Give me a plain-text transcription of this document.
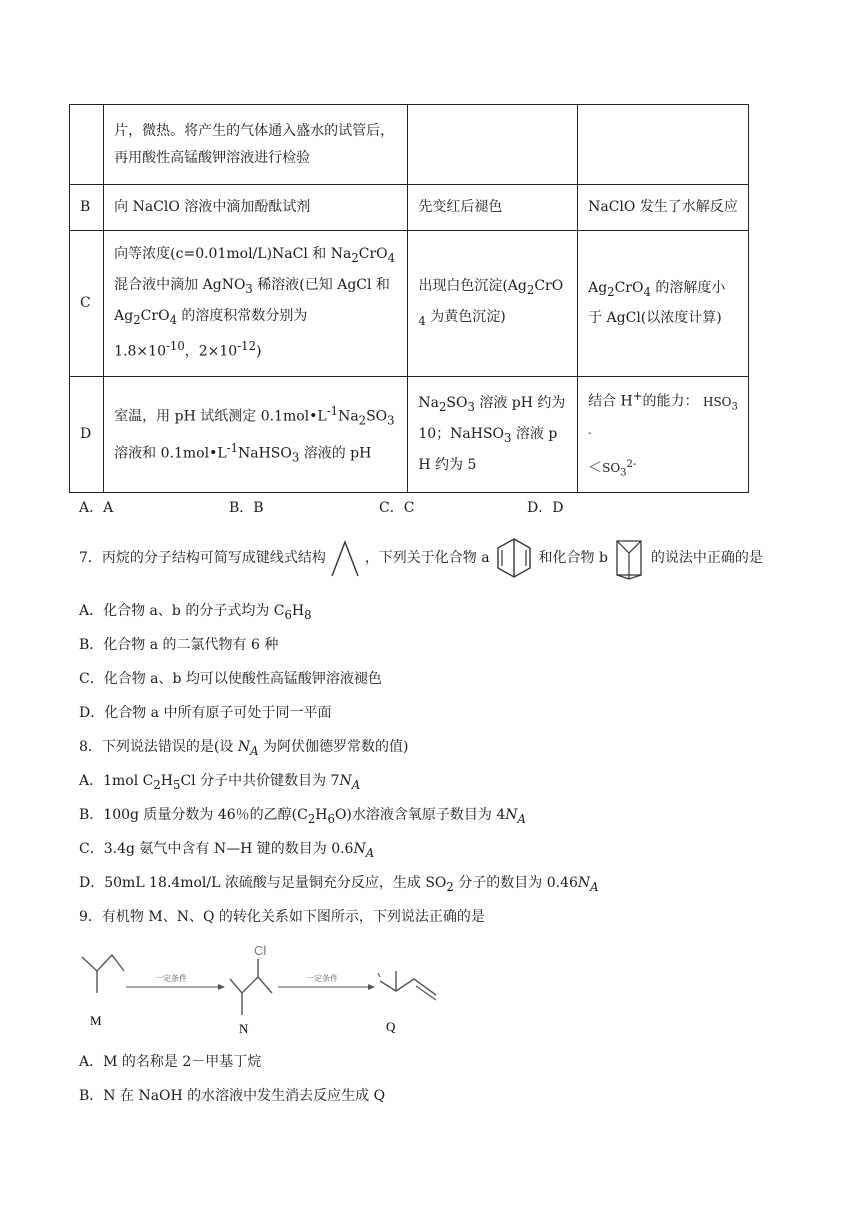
	片，微热。将产生的气体通入盛水的试管后，再用酸性高锰酸钾溶液进行检验		
B	向 NaClO 溶液中滴加酚酞试剂	先变红后褪色	NaClO 发生了水解反应
C	向等浓度(c=0.01mol/L)NaCl 和 $Na_2CrO_4$混合液中滴加 AgNO$_3$ 稀溶液(已知 AgCl 和 $Ag_2CrO_4$ 的溶度积常数分别为
$1.8\times 10^{-10}$，$2\times 10^{-12}$)	出现白色沉淀($Ag_2CrO_4$ 为黄色沉淀)	$Ag_2CrO_4$ 的溶解度小于 AgCl(以浓度计算)
D	室温，用 pH 试纸测定 $0.1mol•L^{-1}Na_2SO_3$ 溶液和 $0.1mol•L^{-1}NaHSO_3$ 溶液的 pH	$Na_2SO_3$ 溶液 pH 约为 10；NaHSO$_3$ 溶液 pH 约为 5	结合 H+的能力： $HSO_3^-$
$<SO_3^{2-}$
A．A	B．B	C．C	D．D
7．丙烷的分子结构可简写成键线式结构	，下列关于化合物 a	和化合物 b	的说法中正确的是
A．化合物 a、b 的分子式均为 $C_6H_8$
B．化合物 a 的二氯代物有 6 种
C．化合物 a、b 均可以使酸性高锰酸钾溶液褪色
D．化合物 a 中所有原子可处于同一平面
8．下列说法错误的是(设 $N_A$ 为阿伏伽德罗常数的值)
A．1mol $C_2H_5Cl$ 分子中共价键数目为 $7N_A$
B．100g 质量分数为 46％的乙醇$(C_2H_6O)$水溶液含氧原子数目为 $4N_A$
C．3.4g 氨气中含有 N—H 键的数目为 $0.6N_A$
D．50mL 18.4mol/L 浓硫酸与足量铜充分反应，生成 $SO_2$ 分子的数目为 $0.46N_A$
9．有机物 M、N、Q 的转化关系如下图所示，下列说法正确的是
M
一定条件
Cl
N
一定条件
Q
A．M 的名称是 2－甲基丁烷
B．N 在 NaOH 的水溶液中发生消去反应生成 Q
